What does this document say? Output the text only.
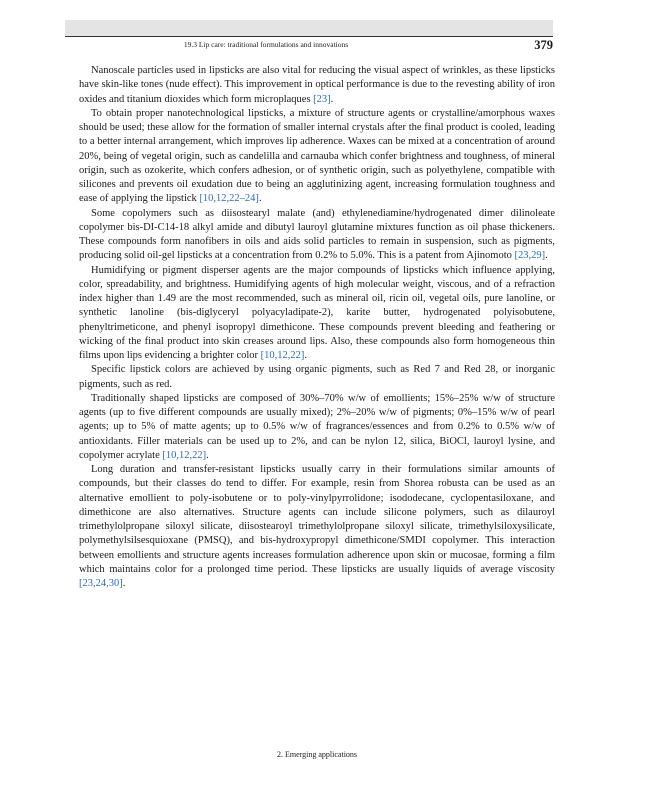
19.3 Lip care: traditional formulations and innovations	379

Nanoscale particles used in lipsticks are also vital for reducing the visual aspect of wrinkles, as these lipsticks have skin-like tones (nude effect). This improvement in optical performance is due to the revesting ability of iron oxides and titanium dioxides which form microplaques [23].

To obtain proper nanotechnological lipsticks, a mixture of structure agents or crystalline/amorphous waxes should be used; these allow for the formation of smaller internal crystals after the final product is cooled, leading to a better internal arrangement, which improves lip adherence. Waxes can be mixed at a concentration of around 20%, being of vegetal origin, such as candelilla and carnauba which confer brightness and toughness, of mineral origin, such as ozokerite, which confers adhesion, or of synthetic origin, such as polyethylene, compatible with silicones and prevents oil exudation due to being an agglutinizing agent, increasing formulation toughness and ease of applying the lipstick [10,12,22–24].

Some copolymers such as diisostearyl malate (and) ethylenediamine/hydrogenated dimer dilinoleate copolymer bis-DI-C14-18 alkyl amide and dibutyl lauroyl glutamine mixtures function as oil phase thickeners. These compounds form nanofibers in oils and aids solid particles to remain in suspension, such as pigments, producing solid oil-gel lipsticks at a concentration from 0.2% to 5.0%. This is a patent from Ajinomoto [23,29].

Humidifying or pigment disperser agents are the major compounds of lipsticks which influence applying, color, spreadability, and brightness. Humidifying agents of high molecular weight, viscous, and of a refraction index higher than 1.49 are the most recommended, such as mineral oil, ricin oil, vegetal oils, pure lanoline, or synthetic lanoline (bis-diglyceryl polyacyladipate-2), karite butter, hydrogenated polyisobutene, phenyltrimeticone, and phenyl isopropyl dimethicone. These compounds prevent bleeding and feathering or wicking of the final product into skin creases around lips. Also, these compounds also form homogeneous thin films upon lips evidencing a brighter color [10,12,22].

Specific lipstick colors are achieved by using organic pigments, such as Red 7 and Red 28, or inorganic pigments, such as red.

Traditionally shaped lipsticks are composed of 30%–70% w/w of emollients; 15%–25% w/w of structure agents (up to five different compounds are usually mixed); 2%–20% w/w of pigments; 0%–15% w/w of pearl agents; up to 5% of matte agents; up to 0.5% w/w of fragrances/essences and from 0.2% to 0.5% w/w of antioxidants. Filler materials can be used up to 2%, and can be nylon 12, silica, BiOCl, lauroyl lysine, and copolymer acrylate [10,12,22].

Long duration and transfer-resistant lipsticks usually carry in their formulations similar amounts of compounds, but their classes do tend to differ. For example, resin from Shorea robusta can be used as an alternative emollient to poly-isobutene or to poly-vinylpyrrolidone; isododecane, cyclopentasiloxane, and dimethicone are also alternatives. Structure agents can include silicone polymers, such as dilauroyl trimethylolpropane siloxyl silicate, diisostearoyl trimethylolpropane siloxyl silicate, trimethylsiloxysilicate, polymethylsilsesquioxane (PMSQ), and bis-hydroxypropyl dimethicone/SMDI copolymer. This interaction between emollients and structure agents increases formulation adherence upon skin or mucosae, forming a film which maintains color for a prolonged time period. These lipsticks are usually liquids of average viscosity [23,24,30].

2. Emerging applications
